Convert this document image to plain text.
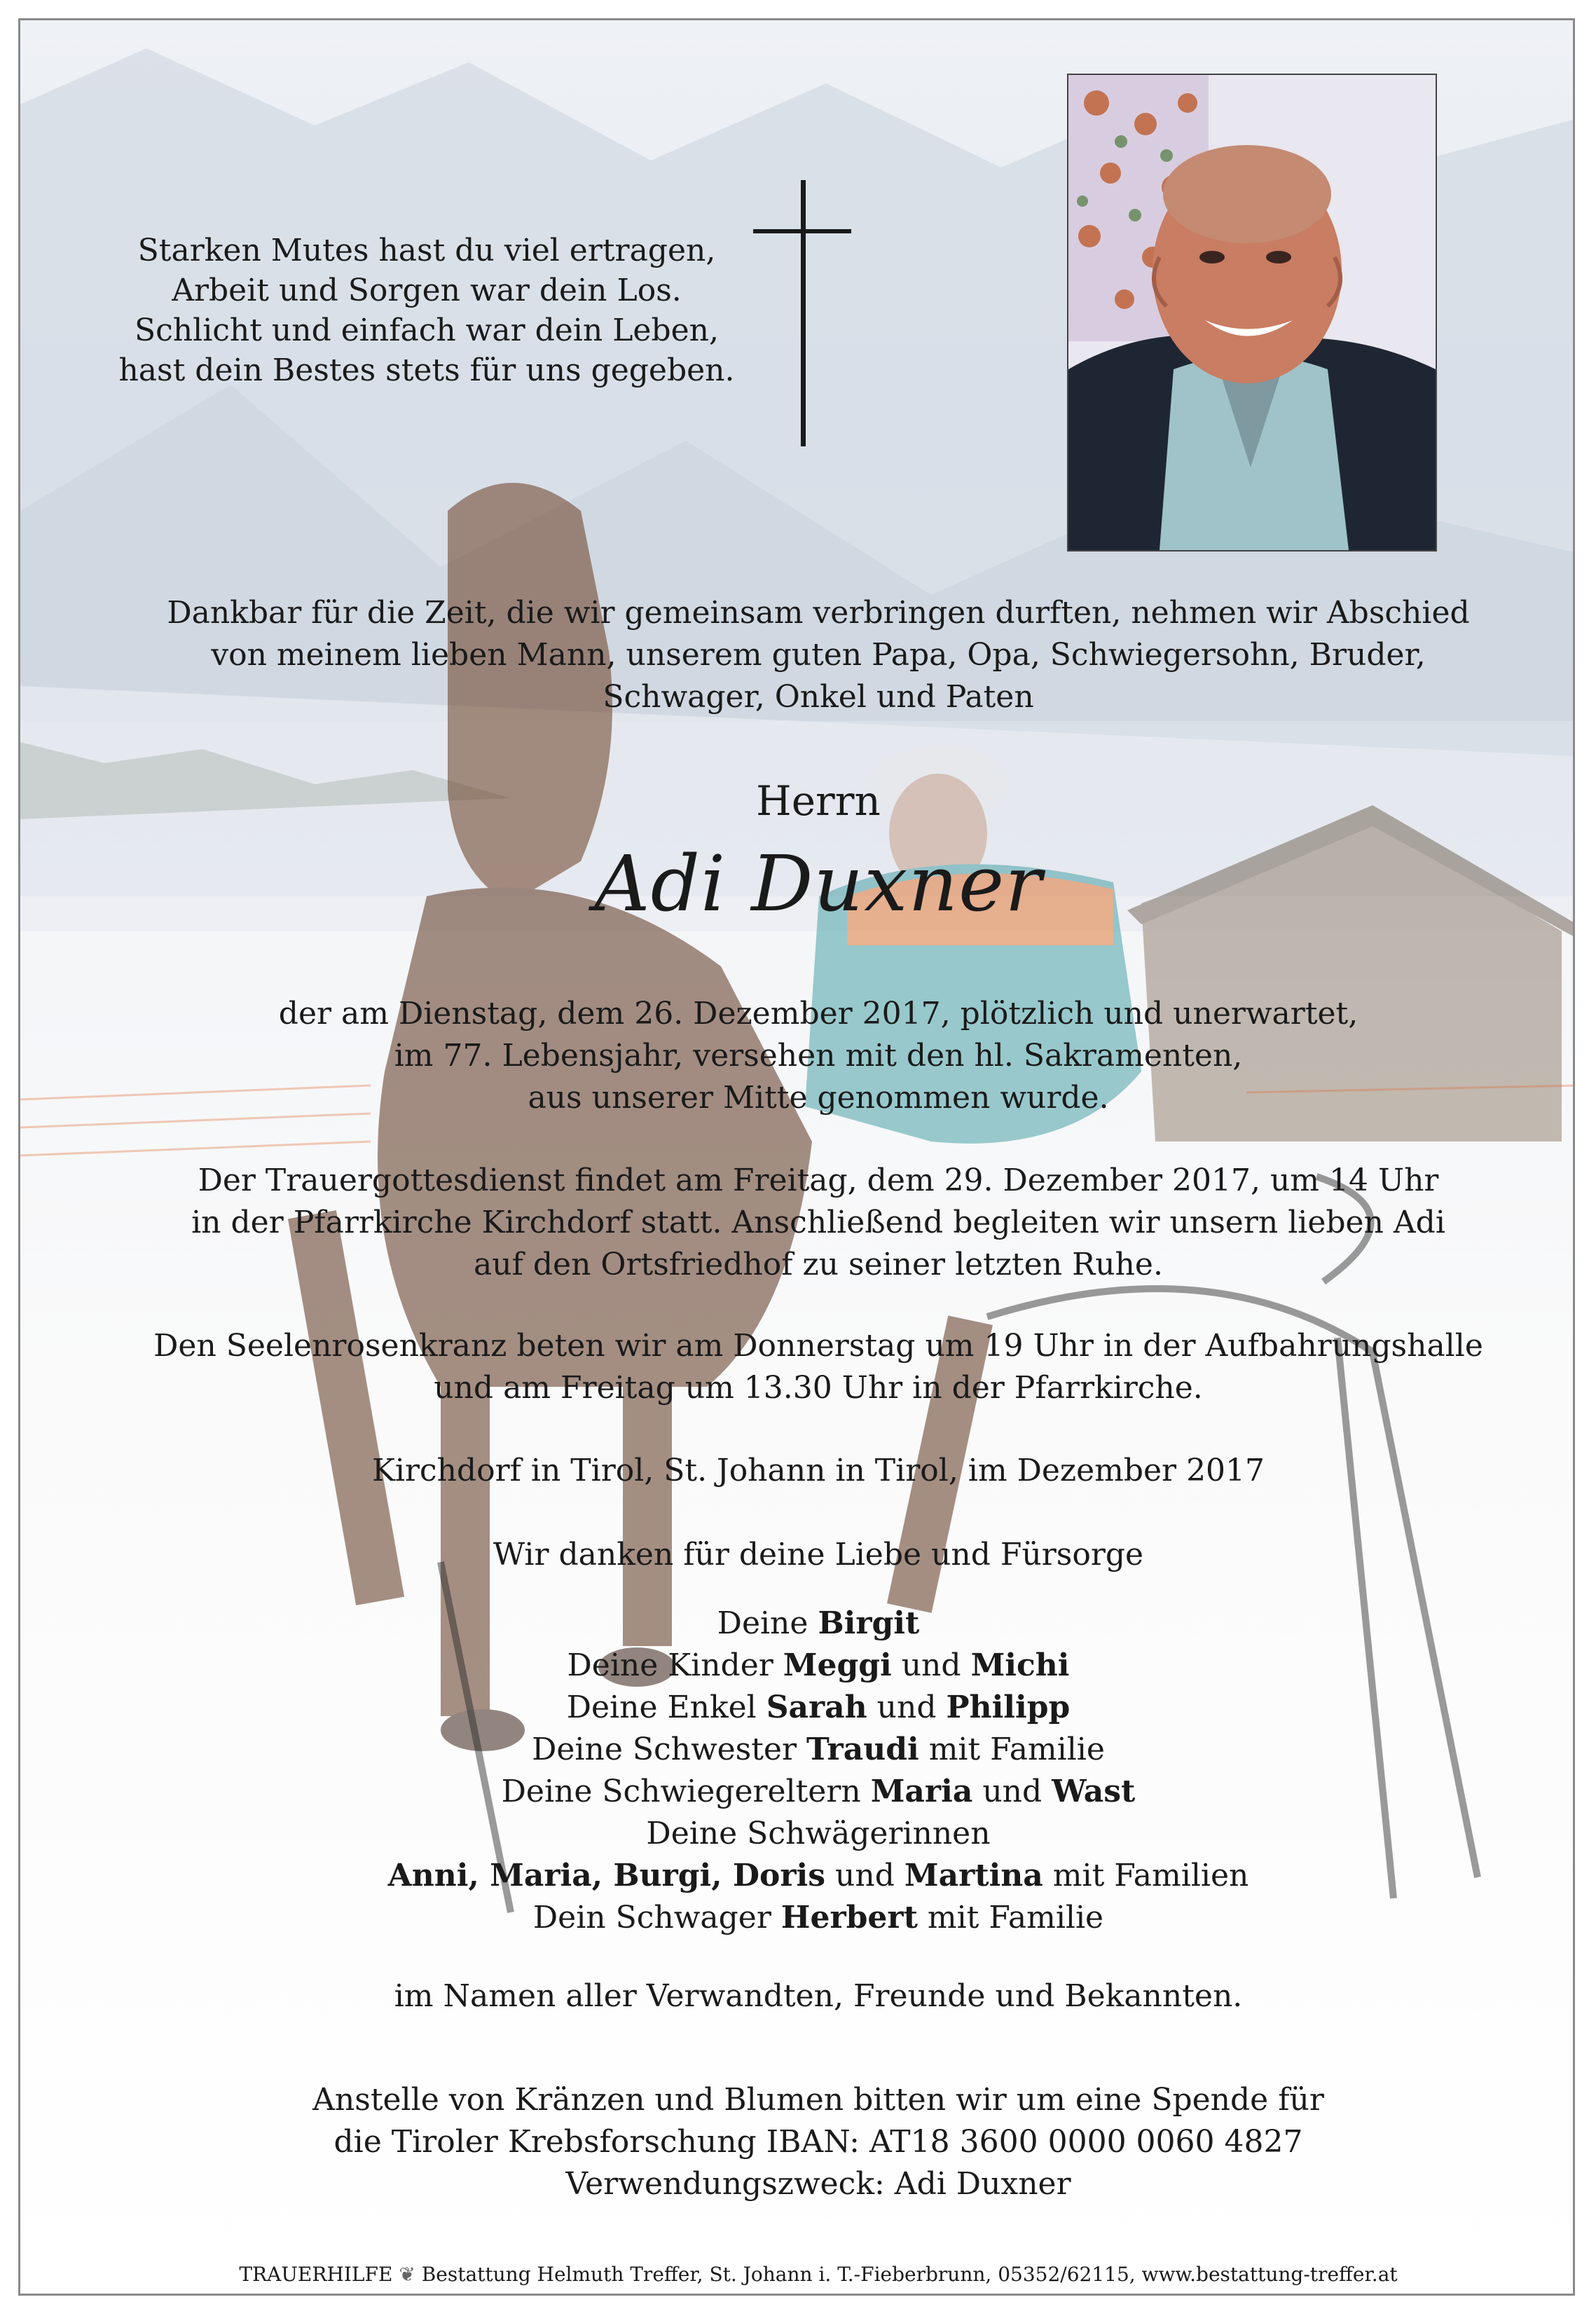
Starken Mutes hast du viel ertragen,
Arbeit und Sorgen war dein Los.
Schlicht und einfach war dein Leben,
hast dein Bestes stets für uns gegeben.
Dankbar für die Zeit, die wir gemeinsam verbringen durften, nehmen wir Abschied
von meinem lieben Mann, unserem guten Papa, Opa, Schwiegersohn, Bruder,
Schwager, Onkel und Paten
Herrn
Adi Duxner
der am Dienstag, dem 26. Dezember 2017, plötzlich und unerwartet,
im 77. Lebensjahr, versehen mit den hl. Sakramenten,
aus unserer Mitte genommen wurde.
Der Trauergottesdienst findet am Freitag, dem 29. Dezember 2017, um 14 Uhr
in der Pfarrkirche Kirchdorf statt. Anschließend begleiten wir unsern lieben Adi
auf den Ortsfriedhof zu seiner letzten Ruhe.
Den Seelenrosenkranz beten wir am Donnerstag um 19 Uhr in der Aufbahrungshalle
und am Freitag um 13.30 Uhr in der Pfarrkirche.
Kirchdorf in Tirol, St. Johann in Tirol, im Dezember 2017
Wir danken für deine Liebe und Fürsorge
Deine Birgit
Deine Kinder Meggi und Michi
Deine Enkel Sarah und Philipp
Deine Schwester Traudi mit Familie
Deine Schwiegereltern Maria und Wast
Deine Schwägerinnen
Anni, Maria, Burgi, Doris und Martina mit Familien
Dein Schwager Herbert mit Familie
im Namen aller Verwandten, Freunde und Bekannten.
Anstelle von Kränzen und Blumen bitten wir um eine Spende für
die Tiroler Krebsforschung IBAN: AT18 3600 0000 0060 4827
Verwendungszweck: Adi Duxner
TRAUERHILFE ❦ Bestattung Helmuth Treffer, St. Johann i. T.-Fieberbrunn, 05352/62115, www.bestattung-treffer.at
